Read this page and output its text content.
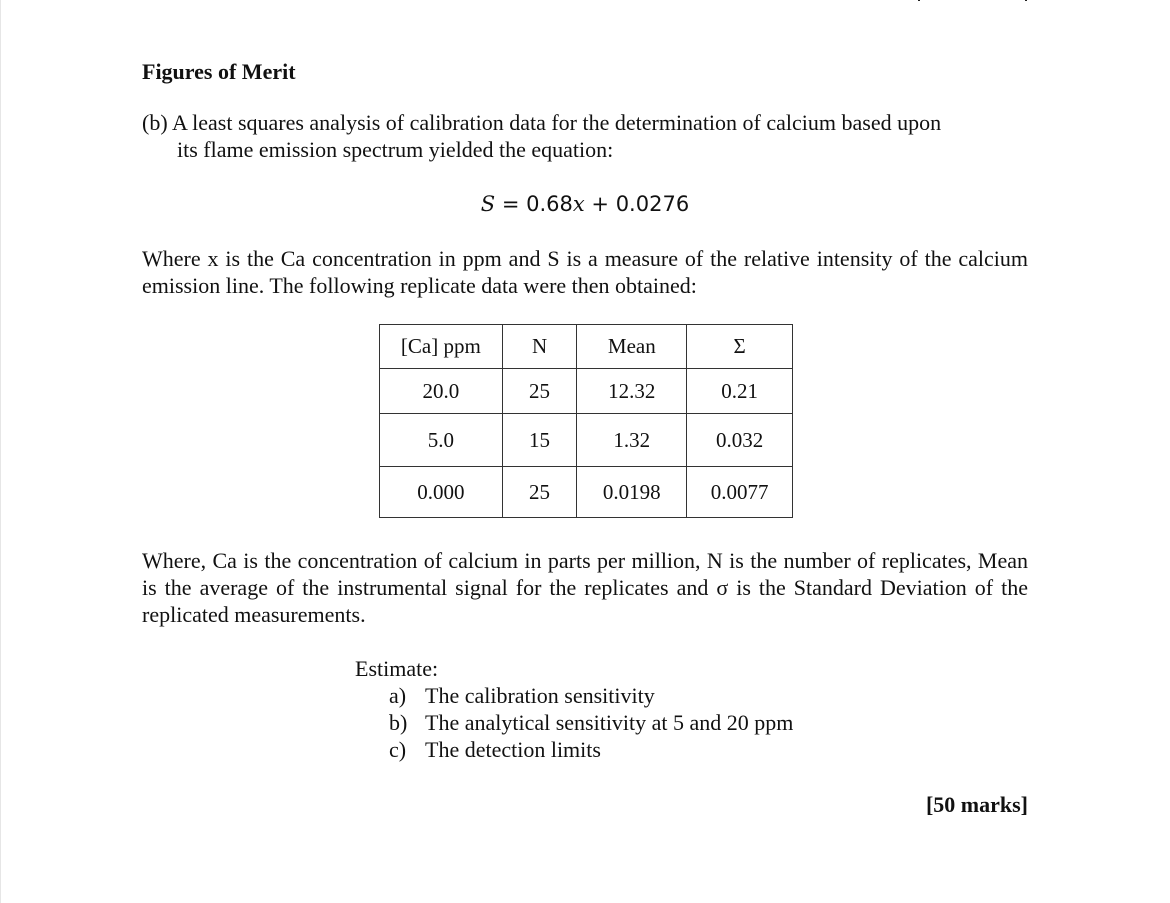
Figures of Merit
(b) A least squares analysis of calibration data for the determination of calcium based upon
its flame emission spectrum yielded the equation:
S = 0.68x + 0.0276
Where x is the Ca concentration in ppm and S is a measure of the relative intensity of the calcium emission line. The following replicate data were then obtained:
[Ca] ppm	N	Mean	Σ
20.0	25	12.32	0.21
5.0	15	1.32	0.032
0.000	25	0.0198	0.0077
Where, Ca is the concentration of calcium in parts per million, N is the number of replicates, Mean is the average of the instrumental signal for the replicates and σ is the Standard Deviation of the replicated measurements.
Estimate:
a) The calibration sensitivity
b) The analytical sensitivity at 5 and 20 ppm
c) The detection limits
[50 marks]
